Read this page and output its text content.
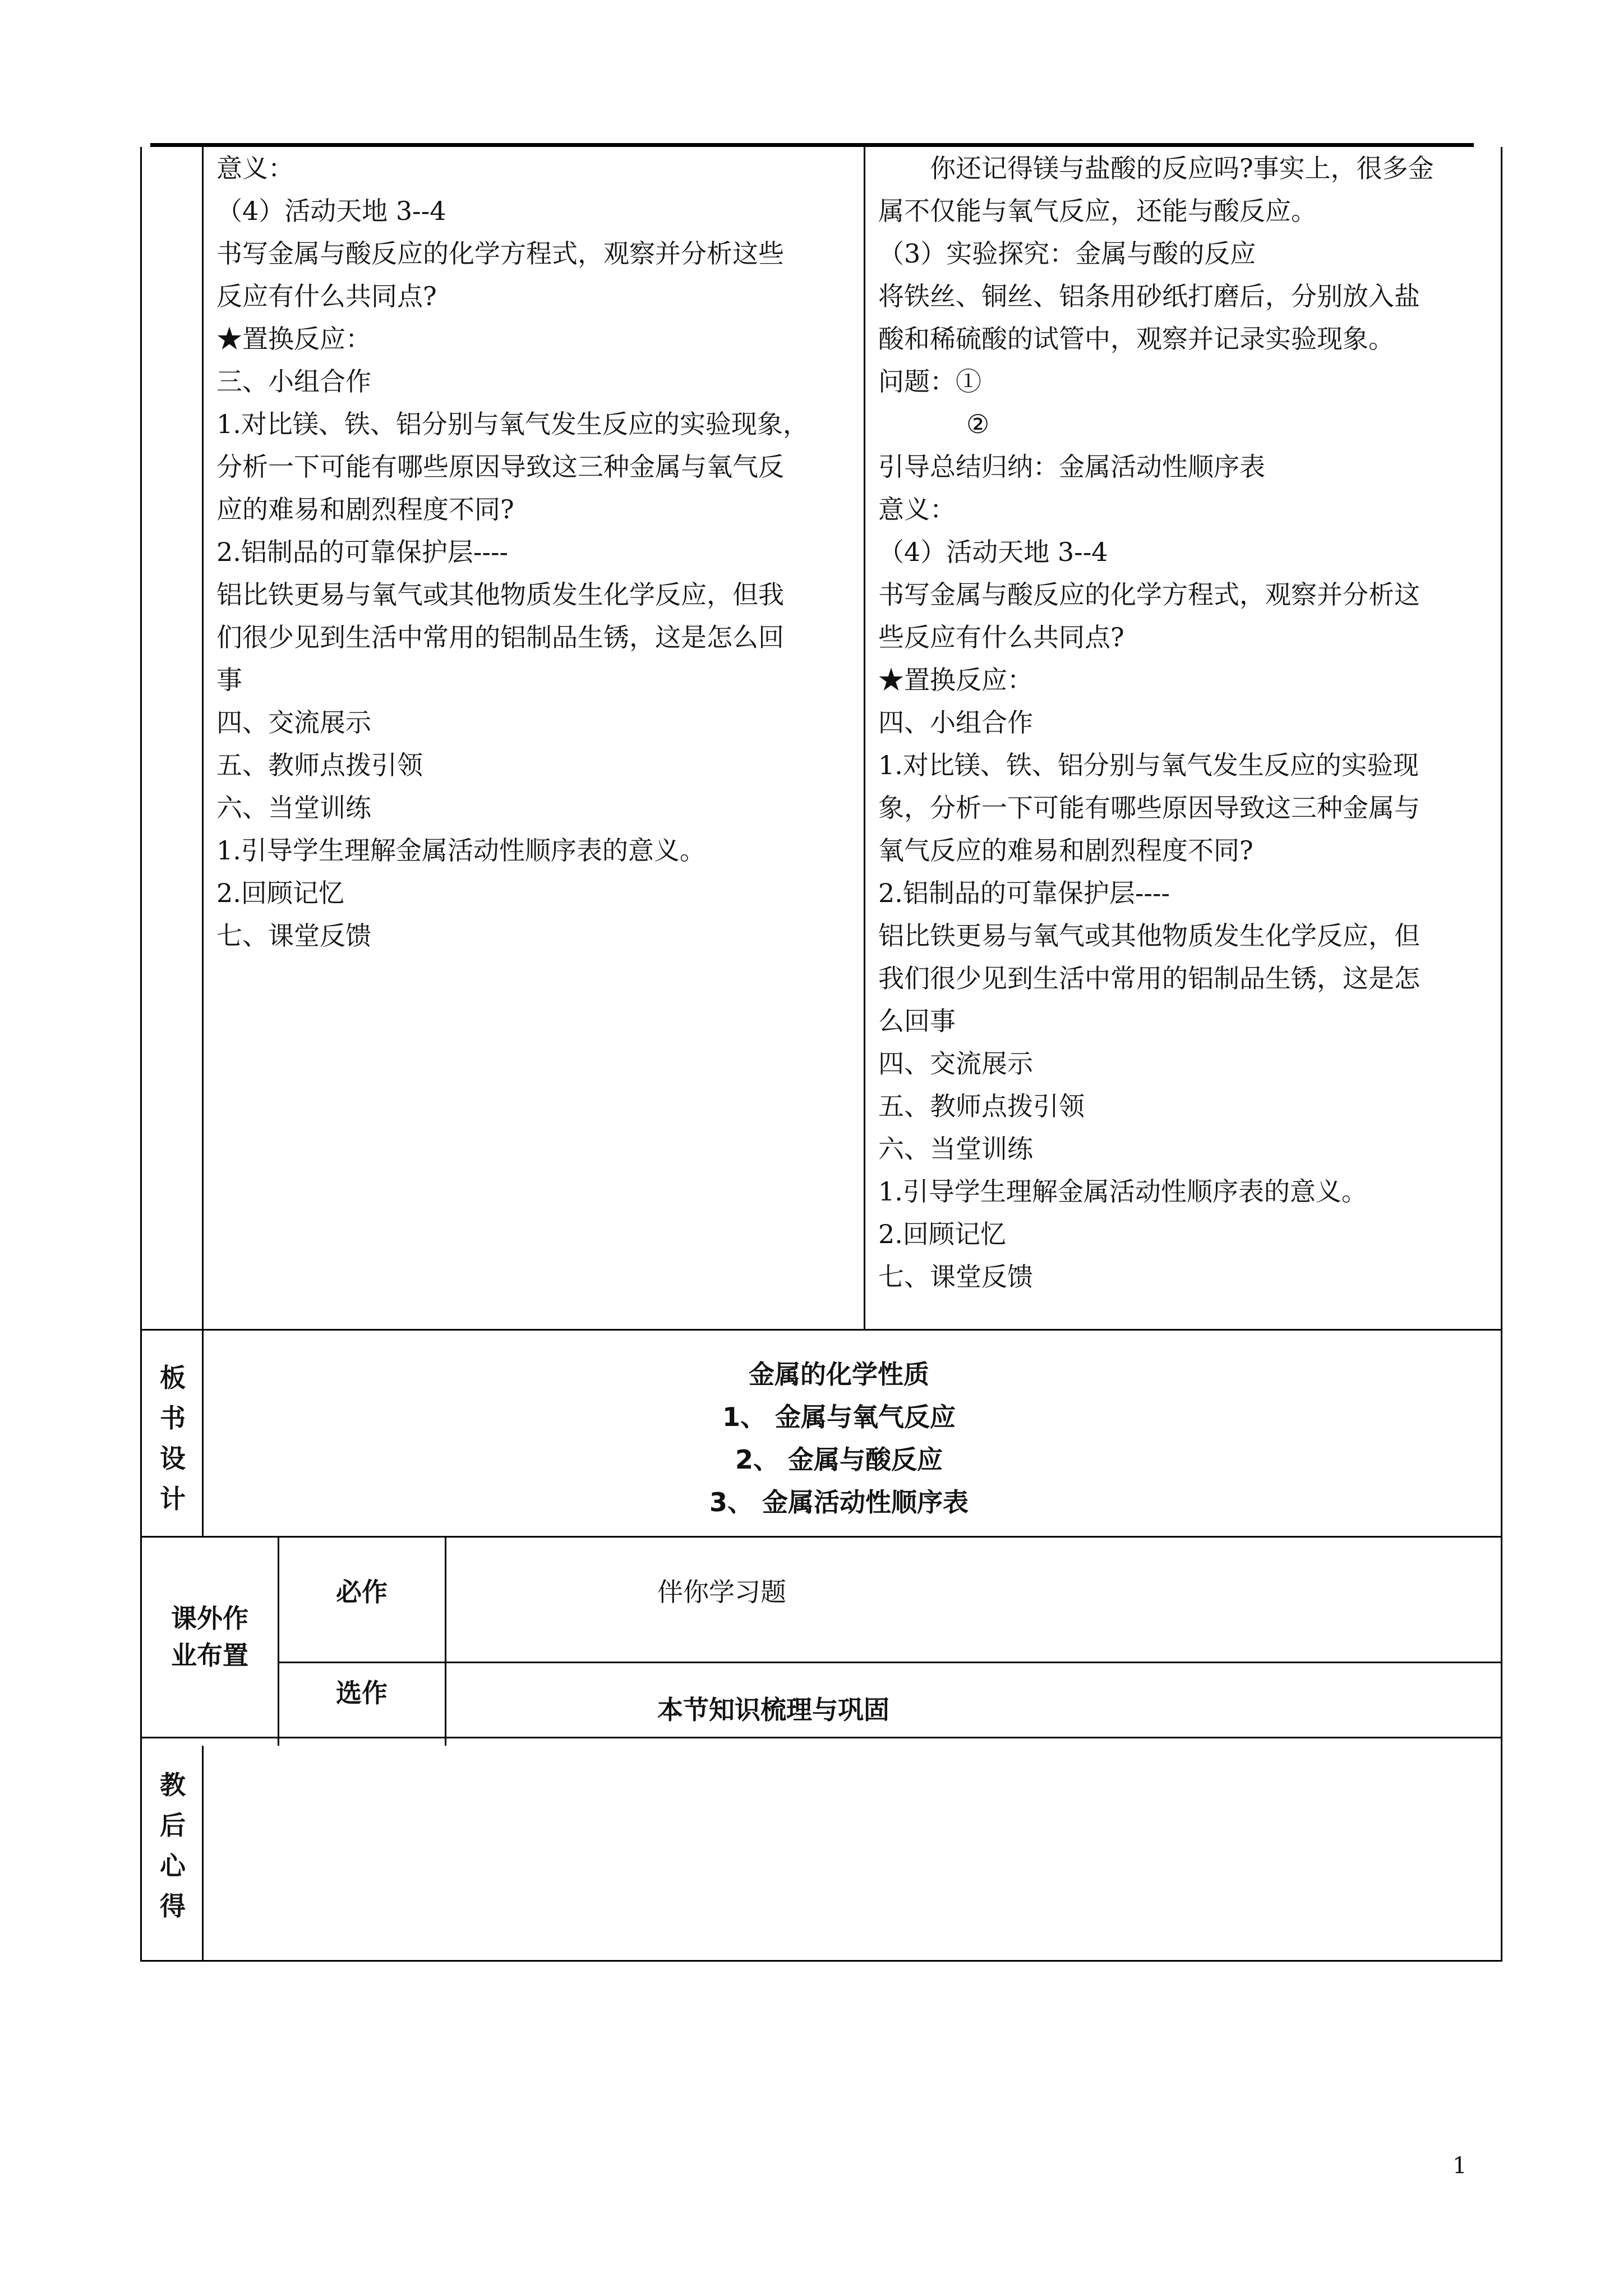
意义：
（4）活动天地 3--4
书写金属与酸反应的化学方程式，观察并分析这些
反应有什么共同点?
★置换反应：
三、小组合作
1.对比镁、铁、铝分别与氧气发生反应的实验现象，
分析一下可能有哪些原因导致这三种金属与氧气反
应的难易和剧烈程度不同?
2.铝制品的可靠保护层----
铝比铁更易与氧气或其他物质发生化学反应，但我
们很少见到生活中常用的铝制品生锈，这是怎么回
事
四、交流展示
五、教师点拨引领
六、当堂训练
1.引导学生理解金属活动性顺序表的意义。
2.回顾记忆
七、课堂反馈
你还记得镁与盐酸的反应吗?事实上，很多金
属不仅能与氧气反应，还能与酸反应。
（3）实验探究：金属与酸的反应
将铁丝、铜丝、铝条用砂纸打磨后，分别放入盐
酸和稀硫酸的试管中，观察并记录实验现象。
问题：①
②
引导总结归纳：金属活动性顺序表
意义：
（4）活动天地 3--4
书写金属与酸反应的化学方程式，观察并分析这
些反应有什么共同点?
★置换反应：
四、小组合作
1.对比镁、铁、铝分别与氧气发生反应的实验现
象，分析一下可能有哪些原因导致这三种金属与
氧气反应的难易和剧烈程度不同?
2.铝制品的可靠保护层----
铝比铁更易与氧气或其他物质发生化学反应，但
我们很少见到生活中常用的铝制品生锈，这是怎
么回事
四、交流展示
五、教师点拨引领
六、当堂训练
1.引导学生理解金属活动性顺序表的意义。
2.回顾记忆
七、课堂反馈
板
书
设
计
金属的化学性质
1、 金属与氧气反应
2、 金属与酸反应
3、 金属活动性顺序表
课外作
业布置
必作	伴你学习题
选作
本节知识梳理与巩固
教
后
心
得
1
